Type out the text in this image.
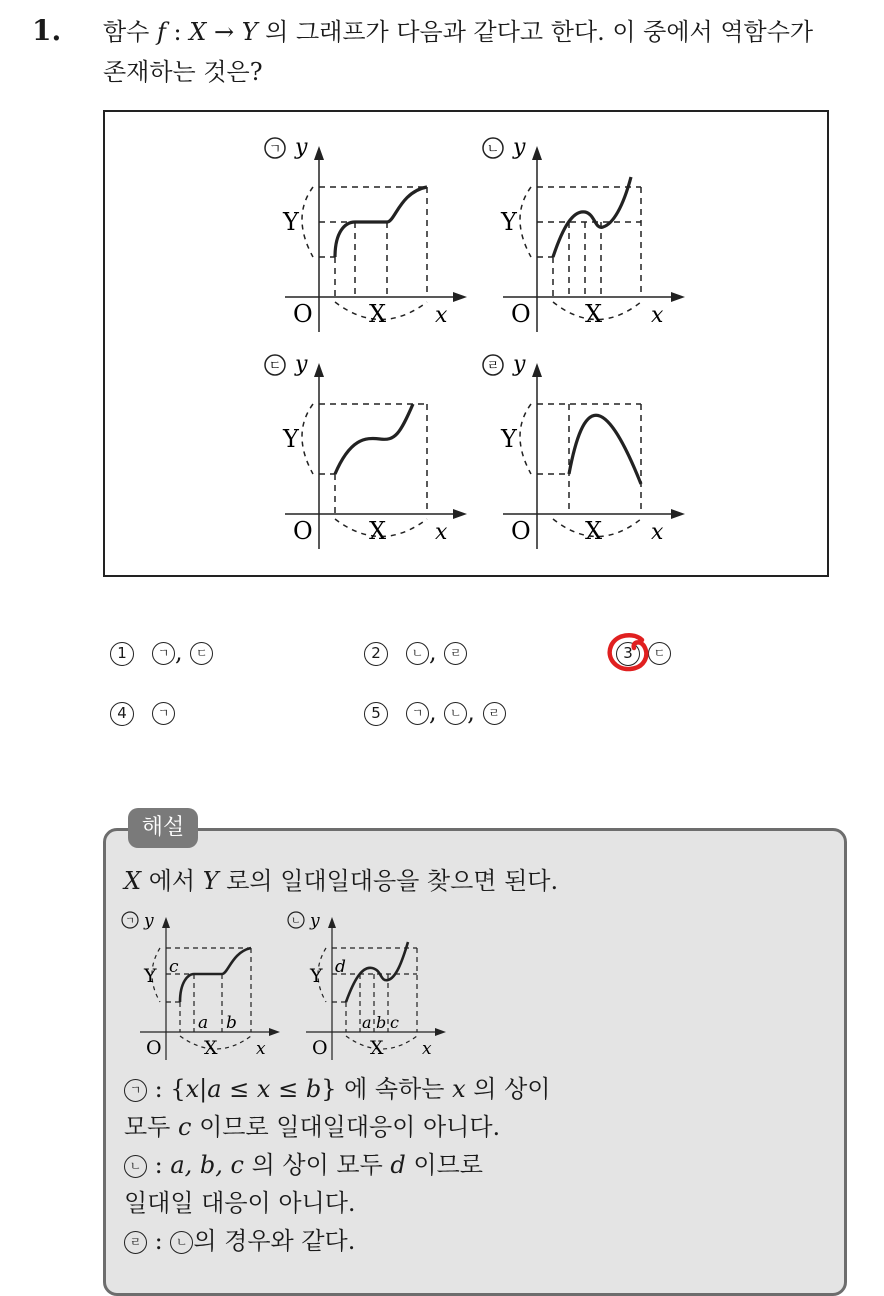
1. 함수 f : X → Y 의 그래프가 다음과 같다고 한다. 이 중에서 역함수가
존재하는 것은?
ㄱ y
Y
O X x
ㄴ y
Y
O X x
ㄷ y
Y
O X x
ㄹ y
Y
O X x
1	ㄱ , ㄷ	2	ㄴ , ㄹ	3 ㄷ
4	ㄱ	5	ㄱ , ㄴ , ㄹ
해설
X 에서 Y 로의 일대일대응을 찾으면 된다.
ㄱ y
Y c
O X
a b
x
ㄴ y
Y d
O X
a b c
x
ㄱ : {x|a ≤ x ≤ b} 에 속하는 x 의 상이
모두 c 이므로 일대일대응이 아니다.
ㄴ : a, b, c 의 상이 모두 d 이므로
일대일 대응이 아니다.
ㄹ : ㄴ 의 경우와 같다.
